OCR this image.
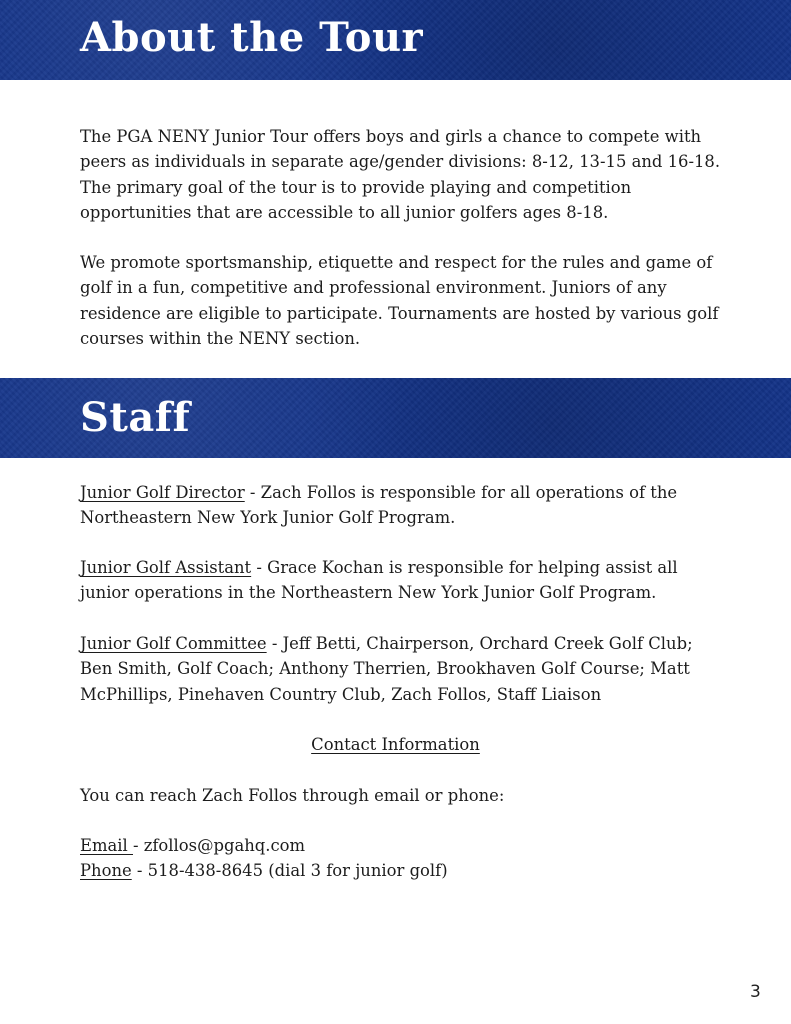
About the Tour

The PGA NENY Junior Tour offers boys and girls a chance to compete with peers as individuals in separate age/gender divisions: 8-12, 13-15 and 16-18. The primary goal of the tour is to provide playing and competition opportunities that are accessible to all junior golfers ages 8-18.

We promote sportsmanship, etiquette and respect for the rules and game of golf in a fun, competitive and professional environment. Juniors of any residence are eligible to participate. Tournaments are hosted by various golf courses within the NENY section.

Staff

Junior Golf Director - Zach Follos is responsible for all operations of the Northeastern New York Junior Golf Program.

Junior Golf Assistant - Grace Kochan is responsible for helping assist all junior operations in the Northeastern New York Junior Golf Program.

Junior Golf Committee - Jeff Betti, Chairperson, Orchard Creek Golf Club; Ben Smith, Golf Coach; Anthony Therrien, Brookhaven Golf Course; Matt McPhillips, Pinehaven Country Club, Zach Follos, Staff Liaison

Contact Information

You can reach Zach Follos through email or phone:

Email - zfollos@pgahq.com

Phone - 518-438-8645 (dial 3 for junior golf)

3
